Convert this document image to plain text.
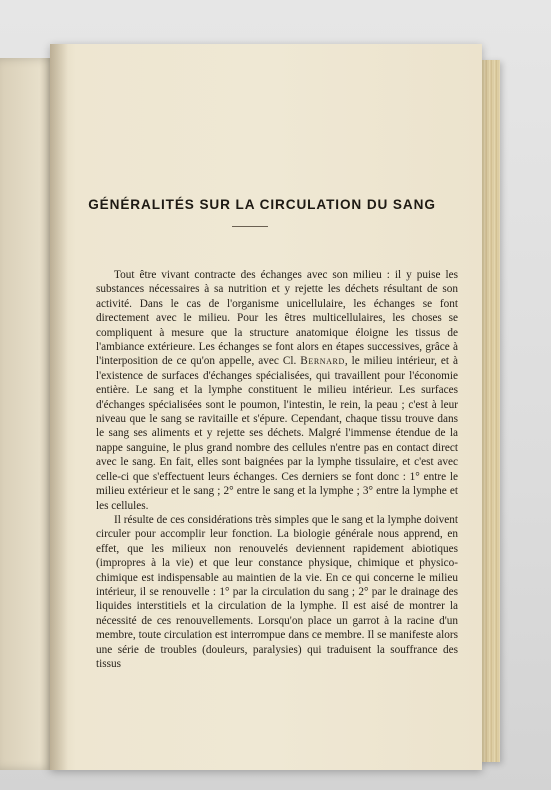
GÉNÉRALITÉS SUR LA CIRCULATION DU SANG

Tout être vivant contracte des échanges avec son milieu : il y puise les substances nécessaires à sa nutrition et y rejette les déchets résultant de son activité. Dans le cas de l'organisme unicellulaire, les échanges se font directement avec le milieu. Pour les êtres multicellulaires, les choses se compliquent à mesure que la structure anatomique éloigne les tissus de l'ambiance extérieure. Les échanges se font alors en étapes successives, grâce à l'interposition de ce qu'on appelle, avec Cl. Bernard, le milieu intérieur, et à l'existence de surfaces d'échanges spécialisées, qui travaillent pour l'économie entière. Le sang et la lymphe constituent le milieu intérieur. Les surfaces d'échanges spécialisées sont le poumon, l'intestin, le rein, la peau ; c'est à leur niveau que le sang se ravitaille et s'épure. Cependant, chaque tissu trouve dans le sang ses aliments et y rejette ses déchets. Malgré l'immense étendue de la nappe sanguine, le plus grand nombre des cellules n'entre pas en contact direct avec le sang. En fait, elles sont baignées par la lymphe tissulaire, et c'est avec celle-ci que s'effectuent leurs échanges. Ces derniers se font donc : 1° entre le milieu extérieur et le sang ; 2° entre le sang et la lymphe ; 3° entre la lymphe et les cellules.

Il résulte de ces considérations très simples que le sang et la lymphe doivent circuler pour accomplir leur fonction. La biologie générale nous apprend, en effet, que les milieux non renouvelés deviennent rapidement abiotiques (impropres à la vie) et que leur constance physique, chimique et physico-chimique est indispensable au maintien de la vie. En ce qui concerne le milieu intérieur, il se renouvelle : 1° par la circulation du sang ; 2° par le drainage des liquides interstitiels et la circulation de la lymphe. Il est aisé de montrer la nécessité de ces renouvellements. Lorsqu'on place un garrot à la racine d'un membre, toute circulation est interrompue dans ce membre. Il se manifeste alors une série de troubles (douleurs, paralysies) qui traduisent la souffrance des tissus
